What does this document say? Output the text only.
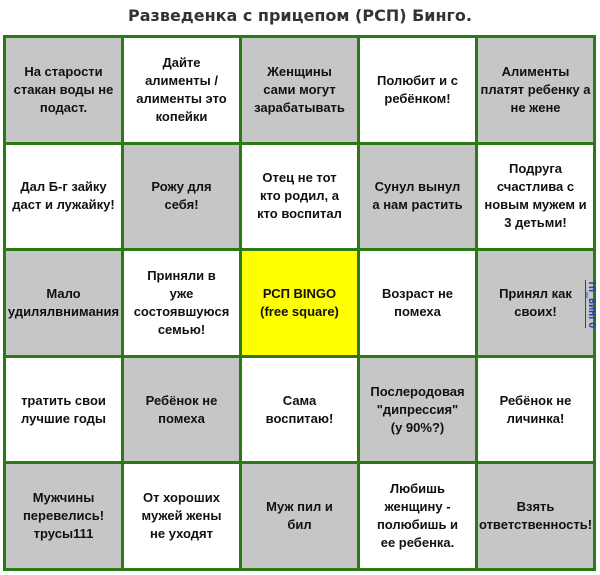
Разведенка с прицепом (РСП) Бинго.
На старости
стакан воды не
подаст.
Дайте
алименты /
алименты это
копейки
Женщины
сами могут
зарабатывать
Полюбит и с
ребёнком!
Алименты
платят ребенку а
не жене
Дал Б-г зайку
даст и лужайку!
Рожу для
себя!
Отец не тот
кто родил, а
кто воспитал
Сунул вынул
а нам растить
Подруга
счастлива с
новым мужем и
3 детьми!
Мало
удилялвнимания
Приняли в
уже
состоявшуюся
семью!
РСП BINGO
(free square)
Возраст не
помеха
Принял как
своих!
тратить свои
лучшие годы
Ребёнок не
помеха
Сама
воспитаю!
Послеродовая
"дипрессия"
(у 90%?)
Ребёнок не
личинка!
Мужчины
перевелись!
трусы111
От хороших
мужей жены
не уходят
Муж пил и
бил
Любишь
женщину -
полюбишь и
ее ребенка.
Взять
ответственность!
ТП_БИНГО
